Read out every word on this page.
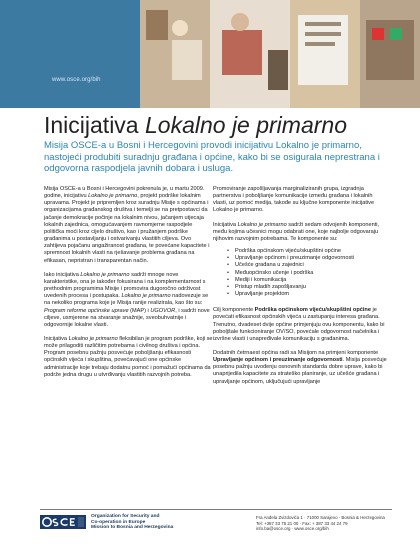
www.osce.org/bih
Inicijativa Lokalno je primarno
Misija OSCE-a u Bosni i Hercegovini provodi inicijativu Lokalno je primarno, nastojeći produbiti suradnju građana i općine, kako bi se osigurala neprestrana i odgovorna raspodjela javnih dobara i usluga.

Misija OSCE-a u Bosni i Hercegovini pokrenula je, u martu 2009. godine, inicijativu Lokalno je primarno, projekt podrške lokalnim upravama. Projekt je pripremljen kroz suradnju Misije s općinama i organizacijama građanskog društva i temelji se na pretpostavci da jačanje demokracije počinje na lokalnim nivou, jačanjem utjecaja lokalnih zajednica, omogućavanjem ravnomjerne raspodjele politička moći kroz cijelo društvo, kao i pružanjem podrške građanima u postavljanju i ostvarivanju vlastitih ciljeva. Ovo zahtijeva pojačanu angažiranost građana, te povećane kapacitete i spremnost lokalnih vlasti na rješavanje problema građana na efikasan, nepristran i transparentan način.

Iako inicijativa Lokalno je primarno sadrži mnoge nove karakteristike, ona je također fokusirana i na komplementarnost s prethodnim programima Misije i promovira dugoročno održivost uvedenih procesa i postupaka. Lokalno je primarno nadovezuje se na nekoliko programa koje je Misija ranije realizirala, kao što su: Program reforme općinske uprave (MAP) i UGOVOR, i sadrži nove ciljeve, usmjerene na stvaranje snažnije, sveobuhvatnije i odgovornije lokalne vlasti.

Inicijativa Lokalno je primarno fleksibilan je program podrške, koji se može prilagoditi različitim potrebama i civilnog društva i općina. Program posebnu pažnju posvećuje poboljšanju efikasnosti općinskih vijeća i skupština, povećavajući one općinske administracije koje trebaju dodatnu pomoć i pomažući općinama da podrže jedna drugu u utvrđivanju vlastitih razvojnih potreba.

Promoviranje zapošljavanja marginaliziranih grupa, izgradnja partnerstva i poboljšanje komunikacije između građana i lokalnih vlasti, uz pomoć medija, takođe su ključne komponente inicijative Lokalno je primarno.

Inicijativa Lokalno je primarno sadrži sedam odvojenih komponenti, među kojima učesnici mogu odabrati one, koje najbolje odgovaraju njihovim razvojnim potrebama. Te komponente su:

• Podrška općinskom vijeću/skupštini općine
• Upravljanje općinom i preuzimanje odgovornosti
• Učešće građana u zajednici
• Međuopćinsko učenje i podrška
• Mediji i komunikacija
• Pristup mladih zapošljavanju
• Upravljanje projektom

Cilj komponente Podrška općinskom vijeću/skupštini općine je povećati efikasnost općinskih vijeća u zastupanju interesa građana. Trenutno, dvadeset dvije općine primjenjuju ovu komponentu, kako bi poboljšale funkcioniranje OV/SO, povećale odgovornost načelnika i izvršne vlasti i unapređivale komunikaciju s građanima.

Dodatnih četrnaest općina radi sa Misijom na primjeni komponente Upravljanje općinom i preuzimanje odgovornosti. Misija posvećuje posebnu pažnju uvođenju osnovnih standarda dobre uprave, kako bi unaprijedila kapacitete za strateško planiranje, uz učešće građana i upravljanje općinom, uključujući upravljanje

Organization for Security and
Co-operation in Europe
Mission to Bosnia and Herzegovina
Fra Anđela Zvizdovića 1 · 71000 Sarajevo · Bosnia & Herzegovina
Tel: +387 33 75 21 00 · Fax: + 387 33 44 24 79
info.ba@osce.org · www.osce.org/bih
